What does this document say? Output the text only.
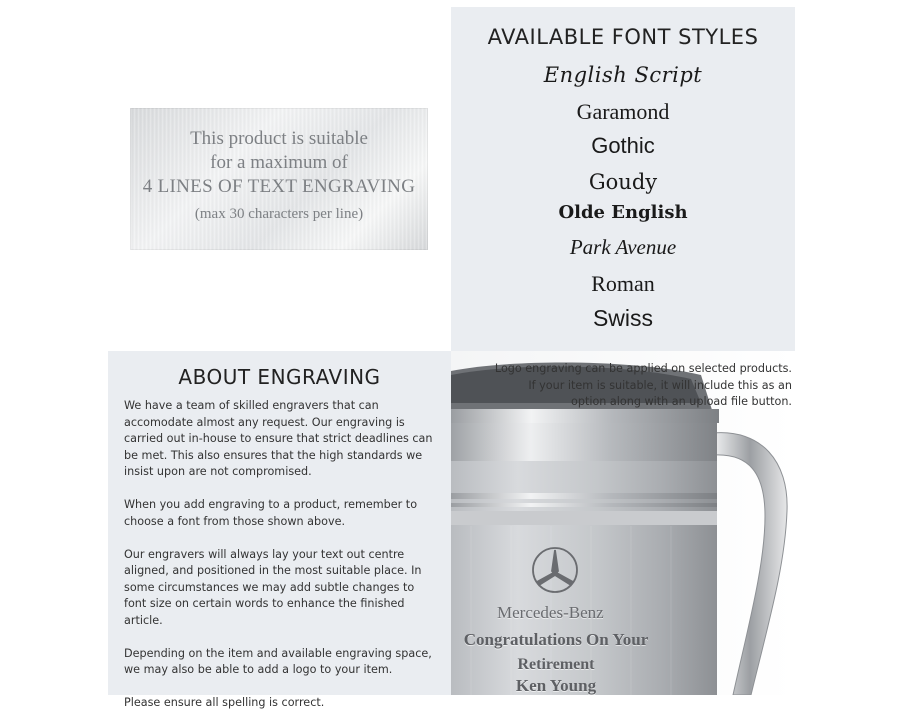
This product is suitable
for a maximum of
4 LINES OF TEXT ENGRAVING
(max 30 characters per line)
AVAILABLE FONT STYLES
English Script
Garamond
Gothic
Goudy
Olde English
Park Avenue
Roman
Swiss
ABOUT ENGRAVING

We have a team of skilled engravers that can accomodate almost any request. Our engraving is carried out in-house to ensure that strict deadlines can be met. This also ensures that the high standards we insist upon are not compromised.

When you add engraving to a product, remember to choose a font from those shown above.

Our engravers will always lay your text out centre aligned, and positioned in the most suitable place. In some circumstances we may add subtle changes to font size on certain words to enhance the finished article.

Depending on the item and available engraving space, we may also be able to add a logo to your item.

Please ensure all spelling is correct.

Logo engraving can be applied on selected products.
If your item is suitable, it will include this as an
option along with an upload file button.
Mercedes-Benz
Congratulations On Your
Retirement
Ken Young
